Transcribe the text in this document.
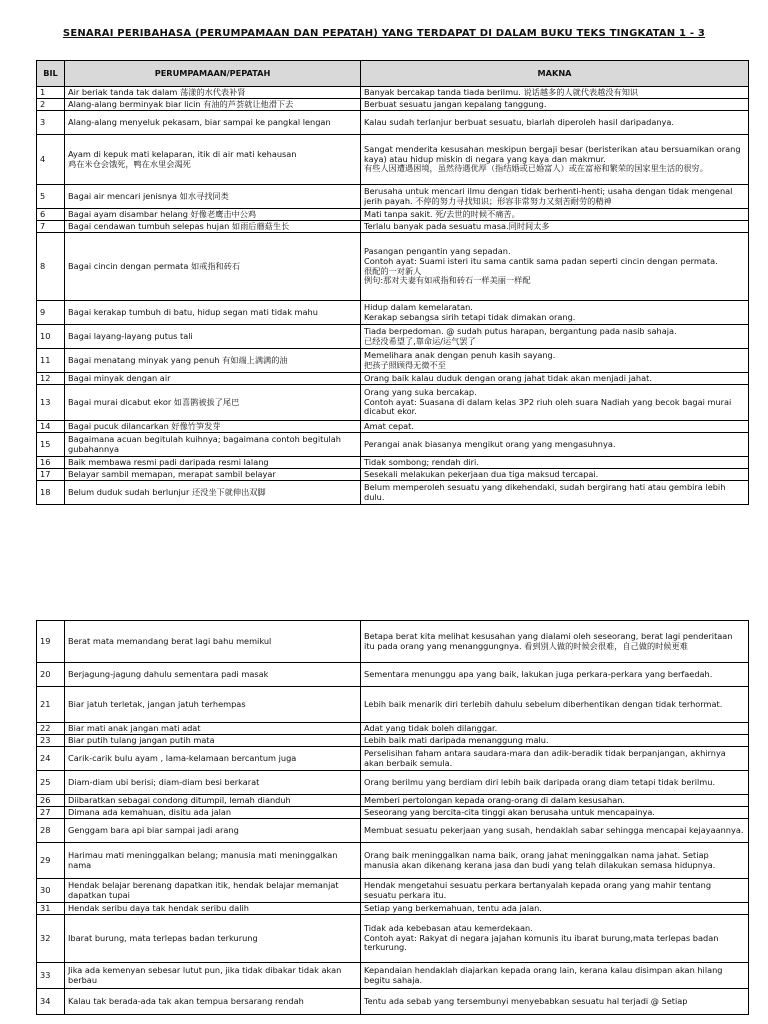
SENARAI PERIBAHASA (PERUMPAMAAN DAN PEPATAH) YANG TERDAPAT DI DALAM BUKU TEKS TINGKATAN 1 - 3
BIL	PERUMPAMAAN/PEPATAH	MAKNA
1	Air beriak tanda tak dalam 荡漾的水代表补肾	Banyak bercakap tanda tiada berilmu. 说话越多的人就代表越没有知识

2	Alang-alang berminyak biar licin 有油的芦荟就让他滑下去	Berbuat sesuatu jangan kepalang tanggung.

3	Alang-alang menyeluk pekasam, biar sampai ke pangkal lengan	Kalau sudah terlanjur berbuat sesuatu, biarlah diperoleh hasil daripadanya.

4	Ayam di kepuk mati kelaparan, itik di air mati kehausan
鸡在米仓会饿死，鸭在水里会渴死	Sangat menderita kesusahan meskipun bergaji besar (beristerikan atau bersuamikan orang kaya) atau hidup miskin di negara yang kaya dan makmur.
有些人因遭遇困境，虽然待遇优厚（指结婚或已婚富人）或在富裕和繁荣的国家里生活的很穷。

5	Bagai air mencari jenisnya 如水寻找同类	Berusaha untuk mencari ilmu dengan tidak berhenti-henti; usaha dengan tidak mengenal jerih payah. 不停的努力寻找知识；形容非常努力又刻苦耐劳的精神

6	Bagai ayam disambar helang 好像老鹰击中公鸡	Mati tanpa sakit. 死/去世的时候不痛苦。

7	Bagai cendawan tumbuh selepas hujan 如雨后蘑菇生长	Terlalu banyak pada sesuatu masa.同时间太多

8	Bagai cincin dengan permata 如戒指和砖石	Pasangan pengantin yang sepadan.
Contoh ayat: Suami isteri itu sama cantik sama padan seperti cincin dengan permata.
很配的一对新人
例句:那对夫妻有如戒指和砖石一样美丽一样配

9	Bagai kerakap tumbuh di batu, hidup segan mati tidak mahu	Hidup dalam kemelaratan.
Kerakap sebangsa sirih tetapi tidak dimakan orang.

10	Bagai layang-layang putus tali	Tiada berpedoman. @ sudah putus harapan, bergantung pada nasib sahaja.
已经没希望了,靠命运/运气罢了

11	Bagai menatang minyak yang penuh 有如端上满满的油	Memelihara anak dengan penuh kasih sayang.
把孩子照顾得无微不至

12	Bagai minyak dengan air	Orang baik kalau duduk dengan orang jahat tidak akan menjadi jahat.

13	Bagai murai dicabut ekor 如喜鹊被拔了尾巴	Orang yang suka bercakap.
Contoh ayat: Suasana di dalam kelas 3P2 riuh oleh suara Nadiah yang becok bagai murai dicabut ekor.

14	Bagai pucuk dilancarkan 好像竹笋发芽	Amat cepat.

15	Bagaimana acuan begitulah kuihnya; bagaimana contoh begitulah gubahannya	Perangai anak biasanya mengikut orang yang mengasuhnya.

16	Baik membawa resmi padi daripada resmi lalang	Tidak sombong; rendah diri.

17	Belayar sambil memapan, merapat sambil belayar	Sesekali melakukan pekerjaan dua tiga maksud tercapai.

18	Belum duduk sudah berlunjur 还没坐下就伸出双脚	Belum memperoleh sesuatu yang dikehendaki, sudah bergirang hati atau gembira lebih dulu.
19	Berat mata memandang berat lagi bahu memikul	Betapa berat kita melihat kesusahan yang dialami oleh seseorang, berat lagi penderitaan itu pada orang yang menanggungnya. 看到別人做的时候会很难，自己做的时候更难

20	Berjagung-jagung dahulu sementara padi masak	Sementara menunggu apa yang baik, lakukan juga perkara-perkara yang berfaedah.

21	Biar jatuh terletak, jangan jatuh terhempas	Lebih baik menarik diri terlebih dahulu sebelum diberhentikan dengan tidak terhormat.

22	Biar mati anak jangan mati adat	Adat yang tidak boleh dilanggar.

23	Biar putih tulang jangan putih mata	Lebih baik mati daripada menanggung malu.

24	Carik-carik bulu ayam , lama-kelamaan bercantum juga	Perselisihan faham antara saudara-mara dan adik-beradik tidak berpanjangan, akhirnya akan berbaik semula.

25	Diam-diam ubi berisi; diam-diam besi berkarat	Orang berilmu yang berdiam diri lebih baik daripada orang diam tetapi tidak berilmu.

26	Diibaratkan sebagai condong ditumpil, lemah dianduh	Memberi pertolongan kepada orang-orang di dalam kesusahan.

27	Dimana ada kemahuan, disitu ada jalan	Seseorang yang bercita-cita tinggi akan berusaha untuk mencapainya.

28	Genggam bara api biar sampai jadi arang	Membuat sesuatu pekerjaan yang susah, hendaklah sabar sehingga mencapai kejayaannya.

29	Harimau mati meninggalkan belang; manusia mati meninggalkan nama	Orang baik meninggalkan nama baik, orang jahat meninggalkan nama jahat. Setiap manusia akan dikenang kerana jasa dan budi yang telah dilakukan semasa hidupnya.

30	Hendak belajar berenang dapatkan itik, hendak belajar memanjat dapatkan tupai	Hendak mengetahui sesuatu perkara bertanyalah kepada orang yang mahir tentang sesuatu perkara itu.

31	Hendak seribu daya tak hendak seribu dalih	Setiap yang berkemahuan, tentu ada jalan.

32	Ibarat burung, mata terlepas badan terkurung	Tidak ada kebebasan atau kemerdekaan.
Contoh ayat: Rakyat di negara jajahan komunis itu ibarat burung,mata terlepas badan terkurung.

33	Jika ada kemenyan sebesar lutut pun, jika tidak dibakar tidak akan berbau	Kepandaian hendaklah diajarkan kepada orang lain, kerana kalau disimpan akan hilang begitu sahaja.

34	Kalau tak berada-ada tak akan tempua bersarang rendah	Tentu ada sebab yang tersembunyi menyebabkan sesuatu hal terjadi @ Setiap
